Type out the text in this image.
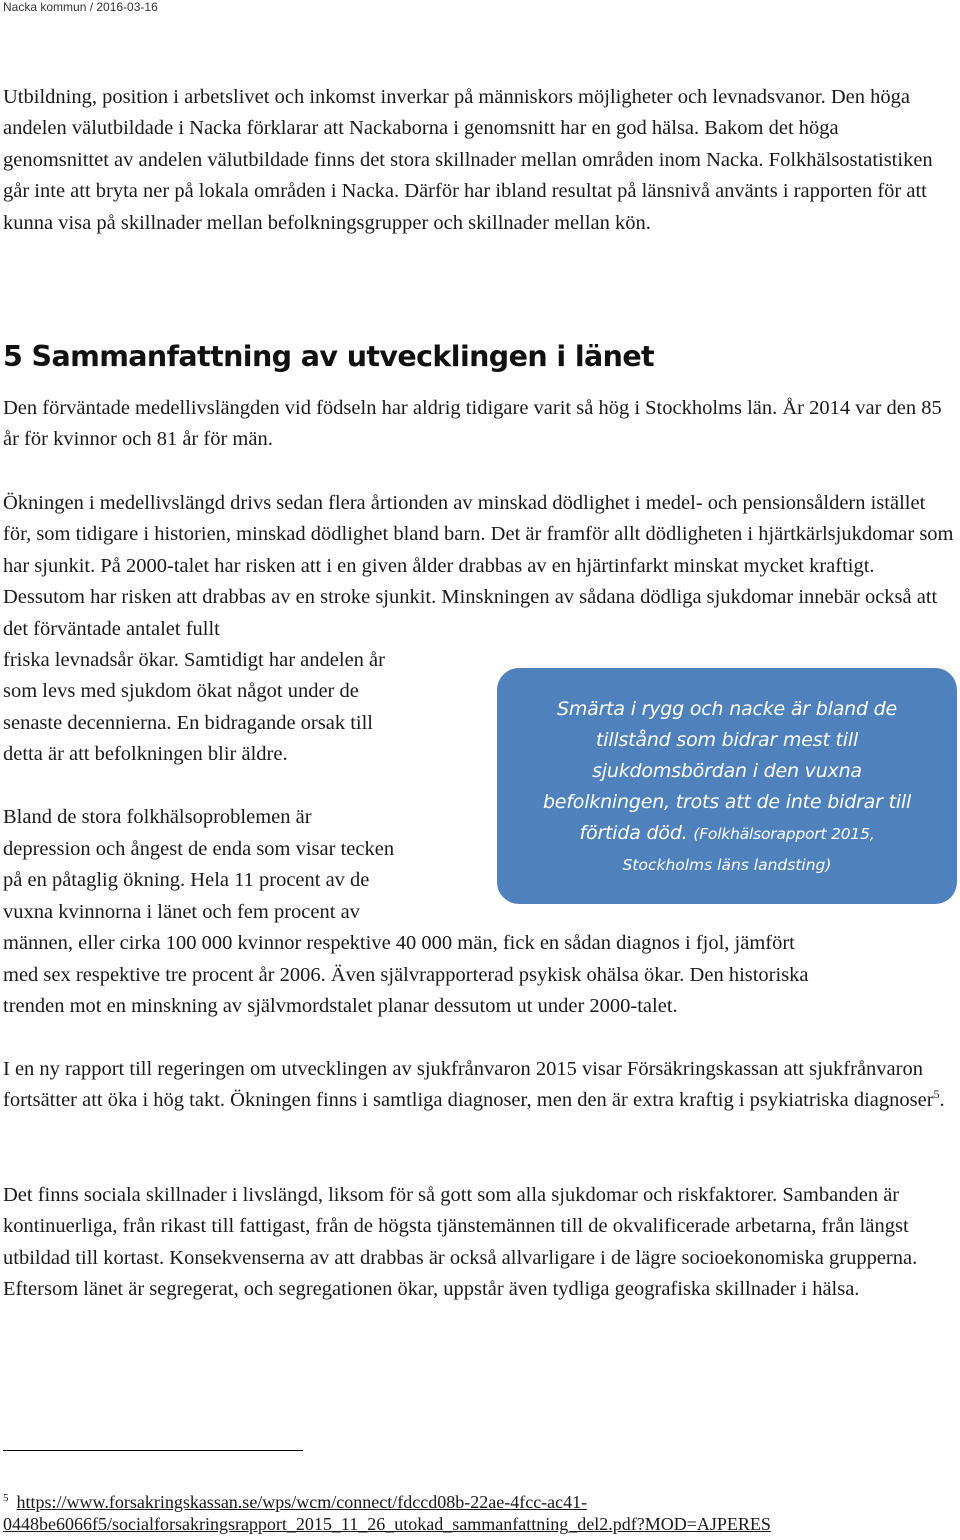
Nacka kommun / 2016-03-16

Utbildning, position i arbetslivet och inkomst inverkar på människors möjligheter och levnadsvanor. Den höga andelen välutbildade i Nacka förklarar att Nackaborna i genomsnitt har en god hälsa. Bakom det höga genomsnittet av andelen välutbildade finns det stora skillnader mellan områden inom Nacka. Folkhälsostatistiken går inte att bryta ner på lokala områden i Nacka. Därför har ibland resultat på länsnivå använts i rapporten för att kunna visa på skillnader mellan befolkningsgrupper och skillnader mellan kön.

5 Sammanfattning av utvecklingen i länet

Den förväntade medellivslängden vid födseln har aldrig tidigare varit så hög i Stockholms län. År 2014 var den 85 år för kvinnor och 81 år för män.

Ökningen i medellivslängd drivs sedan flera årtionden av minskad dödlighet i medel- och pensionsåldern istället för, som tidigare i historien, minskad dödlighet bland barn. Det är framför allt dödligheten i hjärtkärlsjukdomar som har sjunkit. På 2000-talet har risken att i en given ålder drabbas av en hjärtinfarkt minskat mycket kraftigt. Dessutom har risken att drabbas av en stroke sjunkit. Minskningen av sådana dödliga sjukdomar innebär också att det förväntade antalet fullt

friska levnadsår ökar. Samtidigt har andelen år
som levs med sjukdom ökat något under de
senaste decennierna. En bidragande orsak till
detta är att befolkningen blir äldre.
Bland de stora folkhälsoproblemen är
depression och ångest de enda som visar tecken
på en påtaglig ökning. Hela 11 procent av de
vuxna kvinnorna i länet och fem procent av
männen, eller cirka 100 000 kvinnor respektive 40 000 män, fick en sådan diagnos i fjol, jämfört
med sex respektive tre procent år 2006. Även självrapporterad psykisk ohälsa ökar. Den historiska
trenden mot en minskning av självmordstalet planar dessutom ut under 2000-talet.
Smärta i rygg och nacke är bland de
tillstånd som bidrar mest till
sjukdomsbördan i den vuxna
befolkningen, trots att de inte bidrar till
förtida död. (Folkhälsorapport 2015,
Stockholms läns landsting)

I en ny rapport till regeringen om utvecklingen av sjukfrånvaron 2015 visar Försäkringskassan att sjukfrånvaron fortsätter att öka i hög takt. Ökningen finns i samtliga diagnoser, men den är extra kraftig i psykiatriska diagnoser$^5$.

Det finns sociala skillnader i livslängd, liksom för så gott som alla sjukdomar och riskfaktorer. Sambanden är kontinuerliga, från rikast till fattigast, från de högsta tjänstemännen till de okvalificerade arbetarna, från längst utbildad till kortast. Konsekvenserna av att drabbas är också allvarligare i de lägre socioekonomiska grupperna. Eftersom länet är segregerat, och segregationen ökar, uppstår även tydliga geografiska skillnader i hälsa.

$^5$ https://www.forsakringskassan.se/wps/wcm/connect/fdccd08b-22ae-4fcc-ac41-
0448be6066f5/socialforsakringsrapport_2015_11_26_utokad_sammanfattning_del2.pdf?MOD=AJPERES
